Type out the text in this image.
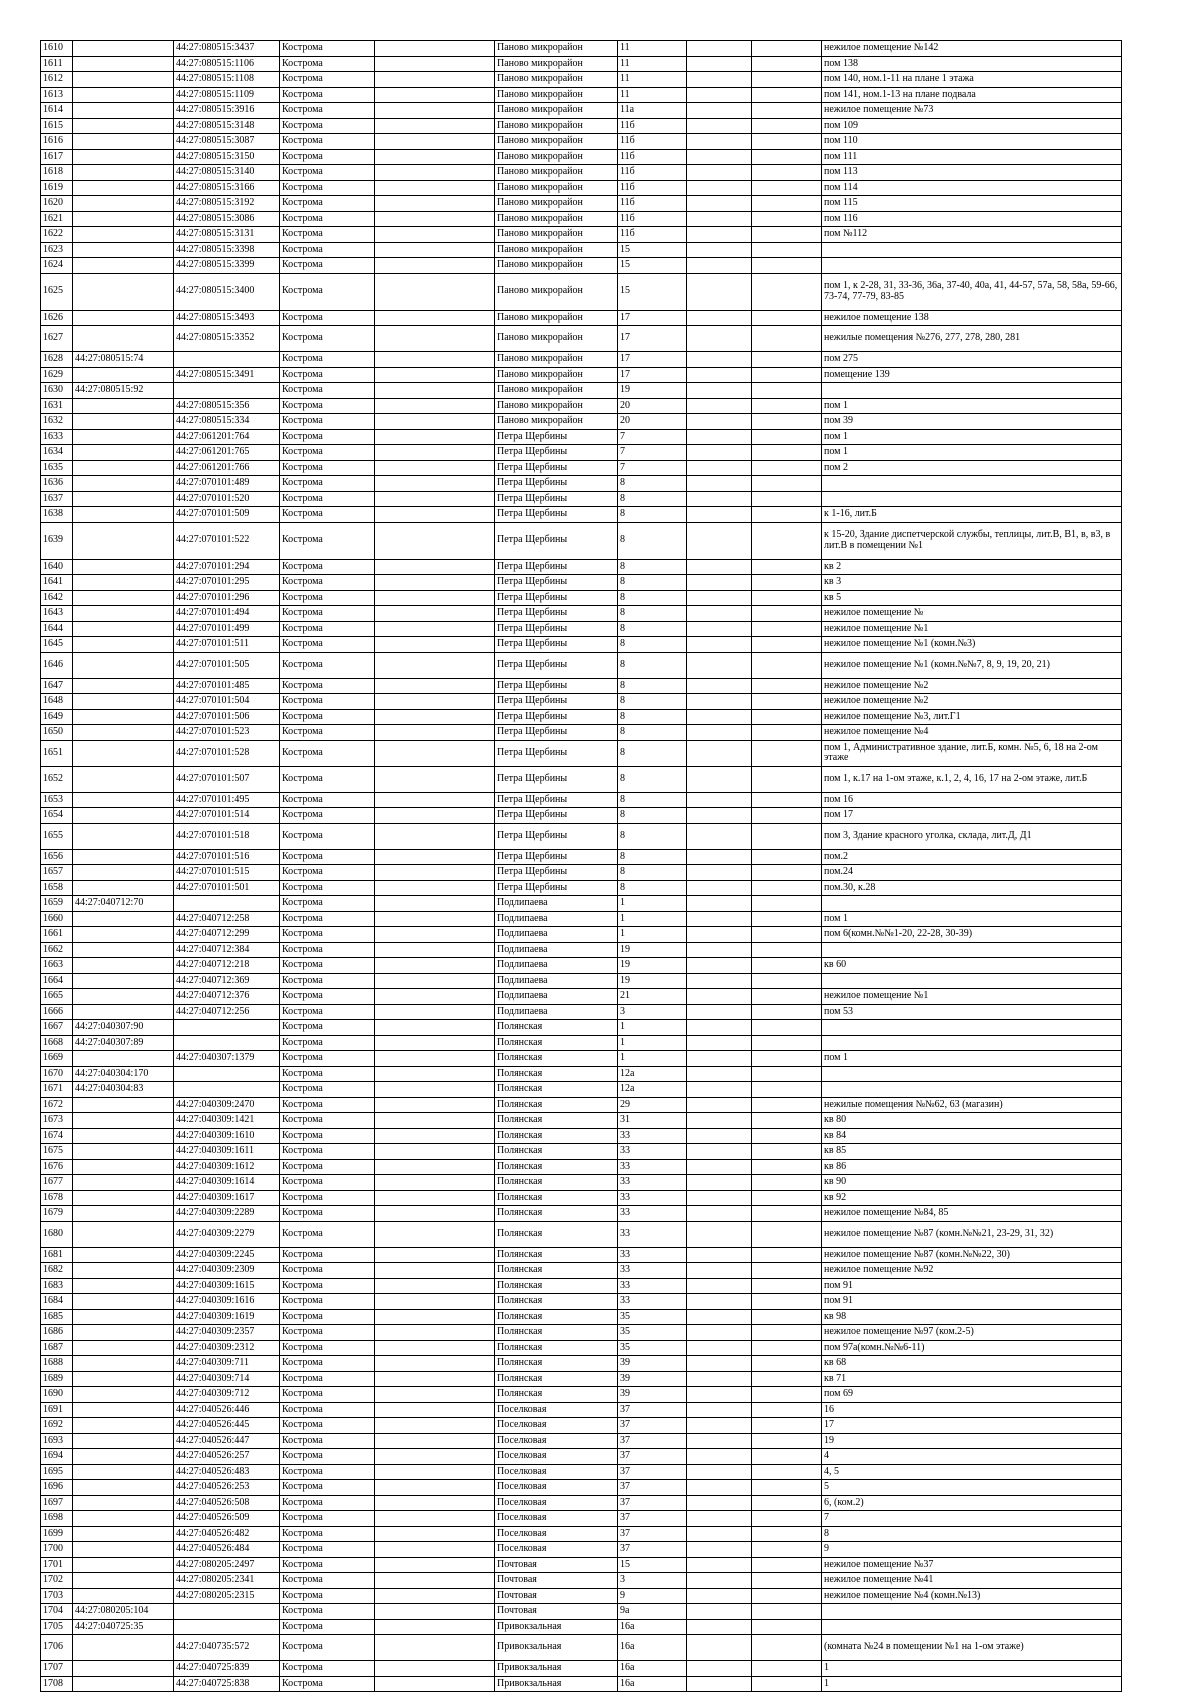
1610		44:27:080515:3437	Кострома		Паново микрорайон	11			нежилое помещение №142
1611		44:27:080515:1106	Кострома		Паново микрорайон	11			пом 138
1612		44:27:080515:1108	Кострома		Паново микрорайон	11			пом 140, ном.1-11 на плане 1 этажа
1613		44:27:080515:1109	Кострома		Паново микрорайон	11			пом 141, ном.1-13 на плане подвала
1614		44:27:080515:3916	Кострома		Паново микрорайон	11а			нежилое помещение №73
1615		44:27:080515:3148	Кострома		Паново микрорайон	11б			пом 109
1616		44:27:080515:3087	Кострома		Паново микрорайон	11б			пом 110
1617		44:27:080515:3150	Кострома		Паново микрорайон	11б			пом 111
1618		44:27:080515:3140	Кострома		Паново микрорайон	11б			пом 113
1619		44:27:080515:3166	Кострома		Паново микрорайон	11б			пом 114
1620		44:27:080515:3192	Кострома		Паново микрорайон	11б			пом 115
1621		44:27:080515:3086	Кострома		Паново микрорайон	11б			пом 116
1622		44:27:080515:3131	Кострома		Паново микрорайон	11б			пом №112
1623		44:27:080515:3398	Кострома		Паново микрорайон	15			
1624		44:27:080515:3399	Кострома		Паново микрорайон	15			
1625		44:27:080515:3400	Кострома		Паново микрорайон	15			пом 1, к 2-28, 31, 33-36, 36а, 37-40, 40а, 41, 44-57, 57а, 58, 58а, 59-66, 73-74, 77-79, 83-85
1626		44:27:080515:3493	Кострома		Паново микрорайон	17			нежилое помещение 138
1627		44:27:080515:3352	Кострома		Паново микрорайон	17			нежилые помещения №276, 277, 278, 280, 281
1628	44:27:080515:74		Кострома		Паново микрорайон	17			пом 275
1629		44:27:080515:3491	Кострома		Паново микрорайон	17			помещение 139
1630	44:27:080515:92		Кострома		Паново микрорайон	19			
1631		44:27:080515:356	Кострома		Паново микрорайон	20			пом 1
1632		44:27:080515:334	Кострома		Паново микрорайон	20			пом 39
1633		44:27:061201:764	Кострома		Петра Щербины	7			пом 1
1634		44:27:061201:765	Кострома		Петра Щербины	7			пом 1
1635		44:27:061201:766	Кострома		Петра Щербины	7			пом 2
1636		44:27:070101:489	Кострома		Петра Щербины	8			
1637		44:27:070101:520	Кострома		Петра Щербины	8			
1638		44:27:070101:509	Кострома		Петра Щербины	8			к 1-16, лит.Б
1639		44:27:070101:522	Кострома		Петра Щербины	8			к 15-20, Здание диспетчерской службы, теплицы, лит.В, В1, в, в3, в лит.В в помещении №1
1640		44:27:070101:294	Кострома		Петра Щербины	8			кв 2
1641		44:27:070101:295	Кострома		Петра Щербины	8			кв 3
1642		44:27:070101:296	Кострома		Петра Щербины	8			кв 5
1643		44:27:070101:494	Кострома		Петра Щербины	8			нежилое помещение №
1644		44:27:070101:499	Кострома		Петра Щербины	8			нежилое помещение №1
1645		44:27:070101:511	Кострома		Петра Щербины	8			нежилое помещение №1 (комн.№3)
1646		44:27:070101:505	Кострома		Петра Щербины	8			нежилое помещение №1 (комн.№№7, 8, 9, 19, 20, 21)
1647		44:27:070101:485	Кострома		Петра Щербины	8			нежилое помещение №2
1648		44:27:070101:504	Кострома		Петра Щербины	8			нежилое помещение №2
1649		44:27:070101:506	Кострома		Петра Щербины	8			нежилое помещение №3, лит.Г1
1650		44:27:070101:523	Кострома		Петра Щербины	8			нежилое помещение №4
1651		44:27:070101:528	Кострома		Петра Щербины	8			пом 1, Административное здание, лит.Б, комн. №5, 6, 18 на 2-ом этаже
1652		44:27:070101:507	Кострома		Петра Щербины	8			пом 1, к.17 на 1-ом этаже, к.1, 2, 4, 16, 17 на 2-ом этаже, лит.Б
1653		44:27:070101:495	Кострома		Петра Щербины	8			пом 16
1654		44:27:070101:514	Кострома		Петра Щербины	8			пом 17
1655		44:27:070101:518	Кострома		Петра Щербины	8			пом 3, Здание красного уголка, склада, лит.Д, Д1
1656		44:27:070101:516	Кострома		Петра Щербины	8			пом.2
1657		44:27:070101:515	Кострома		Петра Щербины	8			пом.24
1658		44:27:070101:501	Кострома		Петра Щербины	8			пом.30, к.28
1659	44:27:040712:70		Кострома		Подлипаева	1			
1660		44:27:040712:258	Кострома		Подлипаева	1			пом 1
1661		44:27:040712:299	Кострома		Подлипаева	1			пом 6(комн.№№1-20, 22-28, 30-39)
1662		44:27:040712:384	Кострома		Подлипаева	19			
1663		44:27:040712:218	Кострома		Подлипаева	19			кв 60
1664		44:27:040712:369	Кострома		Подлипаева	19			
1665		44:27:040712:376	Кострома		Подлипаева	21			нежилое помещение №1
1666		44:27:040712:256	Кострома		Подлипаева	3			пом 53
1667	44:27:040307:90		Кострома		Полянская	1			
1668	44:27:040307:89		Кострома		Полянская	1			
1669		44:27:040307:1379	Кострома		Полянская	1			пом 1
1670	44:27:040304:170		Кострома		Полянская	12а			
1671	44:27:040304:83		Кострома		Полянская	12а			
1672		44:27:040309:2470	Кострома		Полянская	29			нежилые помещения №№62, 63 (магазин)
1673		44:27:040309:1421	Кострома		Полянская	31			кв 80
1674		44:27:040309:1610	Кострома		Полянская	33			кв 84
1675		44:27:040309:1611	Кострома		Полянская	33			кв 85
1676		44:27:040309:1612	Кострома		Полянская	33			кв 86
1677		44:27:040309:1614	Кострома		Полянская	33			кв 90
1678		44:27:040309:1617	Кострома		Полянская	33			кв 92
1679		44:27:040309:2289	Кострома		Полянская	33			нежилое помещение №84, 85
1680		44:27:040309:2279	Кострома		Полянская	33			нежилое помещение №87 (комн.№№21, 23-29, 31, 32)
1681		44:27:040309:2245	Кострома		Полянская	33			нежилое помещение №87 (комн.№№22, 30)
1682		44:27:040309:2309	Кострома		Полянская	33			нежилое помещение №92
1683		44:27:040309:1615	Кострома		Полянская	33			пом 91
1684		44:27:040309:1616	Кострома		Полянская	33			пом 91
1685		44:27:040309:1619	Кострома		Полянская	35			кв 98
1686		44:27:040309:2357	Кострома		Полянская	35			нежилое помещение №97 (ком.2-5)
1687		44:27:040309:2312	Кострома		Полянская	35			пом 97а(комн.№№6-11)
1688		44:27:040309:711	Кострома		Полянская	39			кв 68
1689		44:27:040309:714	Кострома		Полянская	39			кв 71
1690		44:27:040309:712	Кострома		Полянская	39			пом 69
1691		44:27:040526:446	Кострома		Поселковая	37			16
1692		44:27:040526:445	Кострома		Поселковая	37			17
1693		44:27:040526:447	Кострома		Поселковая	37			19
1694		44:27:040526:257	Кострома		Поселковая	37			4
1695		44:27:040526:483	Кострома		Поселковая	37			4, 5
1696		44:27:040526:253	Кострома		Поселковая	37			5
1697		44:27:040526:508	Кострома		Поселковая	37			6, (ком.2)
1698		44:27:040526:509	Кострома		Поселковая	37			7
1699		44:27:040526:482	Кострома		Поселковая	37			8
1700		44:27:040526:484	Кострома		Поселковая	37			9
1701		44:27:080205:2497	Кострома		Почтовая	15			нежилое помещение №37
1702		44:27:080205:2341	Кострома		Почтовая	3			нежилое помещение №41
1703		44:27:080205:2315	Кострома		Почтовая	9			нежилое помещение №4 (комн.№13)
1704	44:27:080205:104		Кострома		Почтовая	9а			
1705	44:27:040725:35		Кострома		Привокзальная	16а			
1706		44:27:040735:572	Кострома		Привокзальная	16а			(комната №24 в помещении №1 на 1-ом этаже)
1707		44:27:040725:839	Кострома		Привокзальная	16а			1
1708		44:27:040725:838	Кострома		Привокзальная	16а			1
